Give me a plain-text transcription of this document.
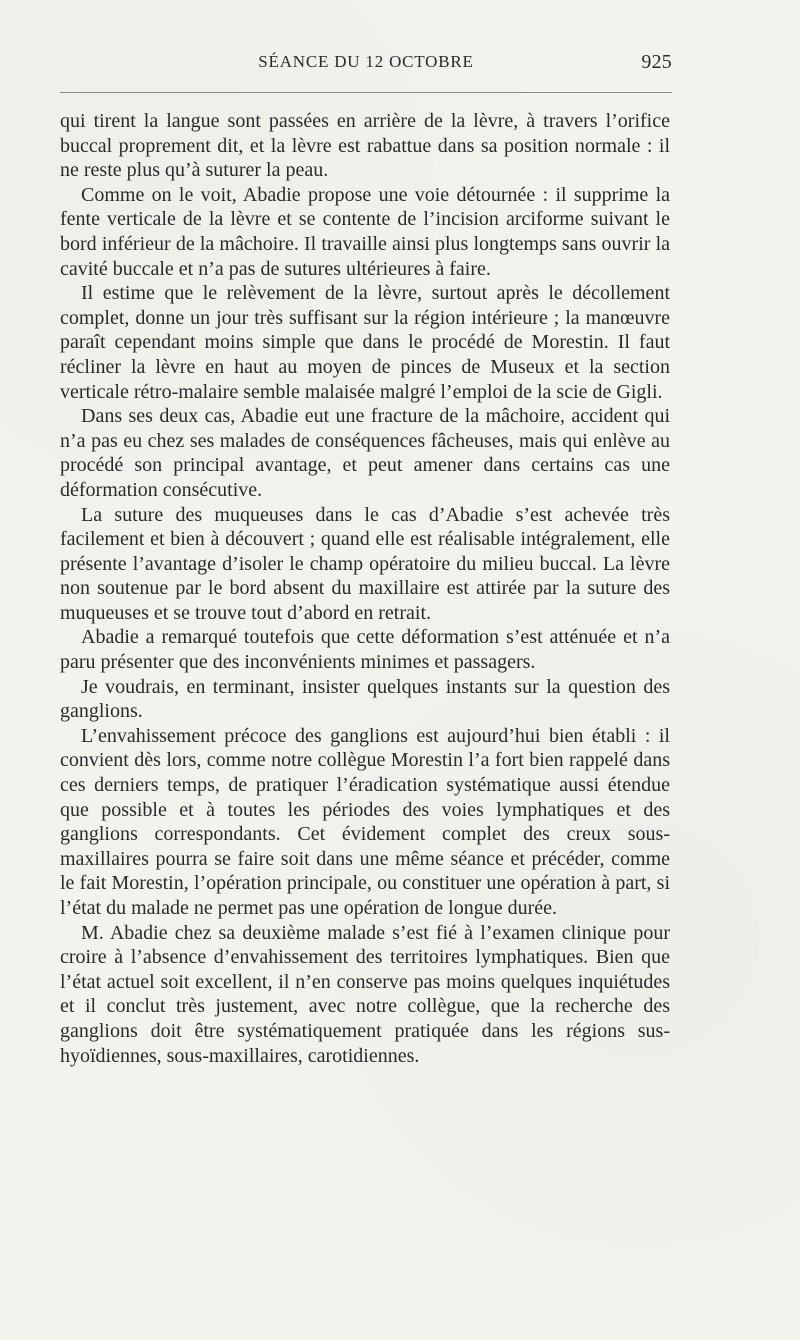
SÉANCE DU 12 OCTOBRE	925

qui tirent la langue sont passées en arrière de la lèvre, à travers l’orifice buccal proprement dit, et la lèvre est rabattue dans sa position normale : il ne reste plus qu’à suturer la peau.

Comme on le voit, Abadie propose une voie détournée : il supprime la fente verticale de la lèvre et se contente de l’incision arciforme suivant le bord inférieur de la mâchoire. Il travaille ainsi plus longtemps sans ouvrir la cavité buccale et n’a pas de sutures ultérieures à faire.

Il estime que le relèvement de la lèvre, surtout après le décollement complet, donne un jour très suffisant sur la région intérieure ; la manœuvre paraît cependant moins simple que dans le procédé de Morestin. Il faut récliner la lèvre en haut au moyen de pinces de Museux et la section verticale rétro-malaire semble malaisée malgré l’emploi de la scie de Gigli.

Dans ses deux cas, Abadie eut une fracture de la mâchoire, accident qui n’a pas eu chez ses malades de conséquences fâcheuses, mais qui enlève au procédé son principal avantage, et peut amener dans certains cas une déformation consécutive.

La suture des muqueuses dans le cas d’Abadie s’est achevée très facilement et bien à découvert ; quand elle est réalisable intégralement, elle présente l’avantage d’isoler le champ opératoire du milieu buccal. La lèvre non soutenue par le bord absent du maxillaire est attirée par la suture des muqueuses et se trouve tout d’abord en retrait.

Abadie a remarqué toutefois que cette déformation s’est atténuée et n’a paru présenter que des inconvénients minimes et passagers.

Je voudrais, en terminant, insister quelques instants sur la question des ganglions.

L’envahissement précoce des ganglions est aujourd’hui bien établi : il convient dès lors, comme notre collègue Morestin l’a fort bien rappelé dans ces derniers temps, de pratiquer l’éradication systématique aussi étendue que possible et à toutes les périodes des voies lymphatiques et des ganglions correspondants. Cet évidement complet des creux sous-maxillaires pourra se faire soit dans une même séance et précéder, comme le fait Morestin, l’opération principale, ou constituer une opération à part, si l’état du malade ne permet pas une opération de longue durée.

M. Abadie chez sa deuxième malade s’est fié à l’examen clinique pour croire à l’absence d’envahissement des territoires lymphatiques. Bien que l’état actuel soit excellent, il n’en conserve pas moins quelques inquiétudes et il conclut très justement, avec notre collègue, que la recherche des ganglions doit être systématiquement pratiquée dans les régions sus-hyoïdiennes, sous-maxillaires, carotidiennes.
